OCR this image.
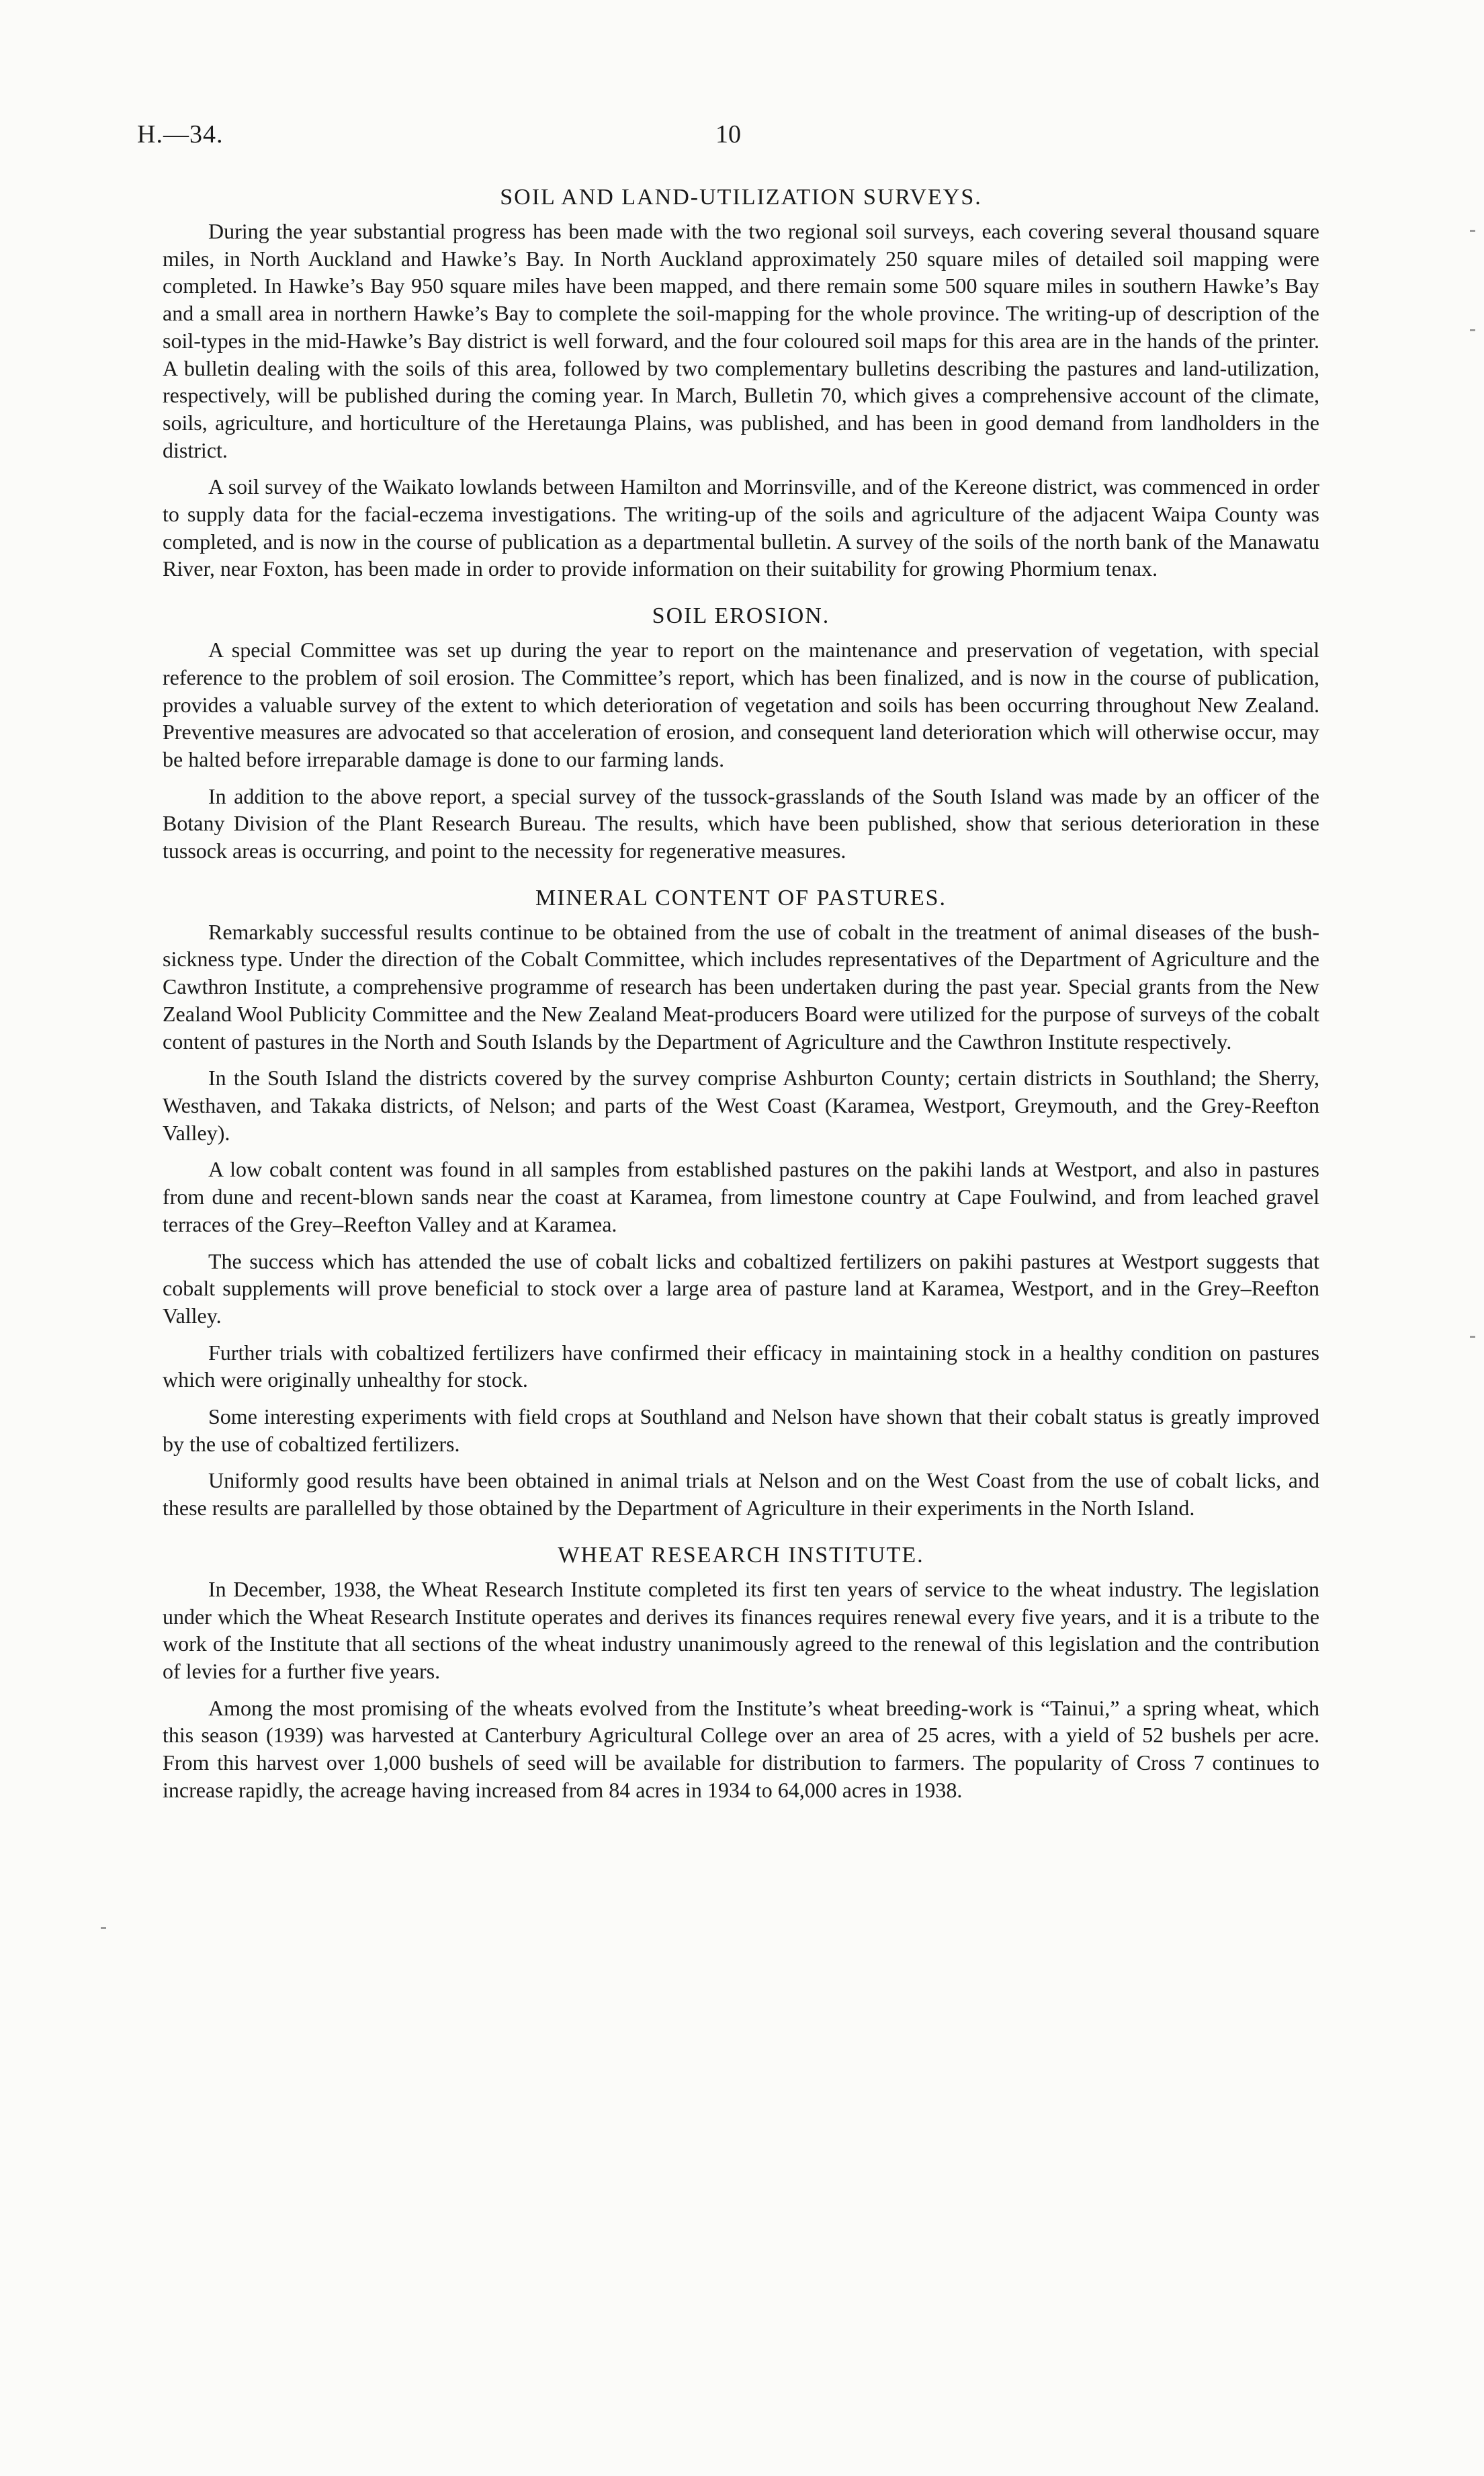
H.—34.	10
SOIL AND LAND-UTILIZATION SURVEYS.

During the year substantial progress has been made with the two regional soil surveys, each covering several thousand square miles, in North Auckland and Hawke’s Bay. In North Auckland approximately 250 square miles of detailed soil mapping were completed. In Hawke’s Bay 950 square miles have been mapped, and there remain some 500 square miles in southern Hawke’s Bay and a small area in northern Hawke’s Bay to complete the soil-mapping for the whole province. The writing-up of description of the soil-types in the mid-Hawke’s Bay district is well forward, and the four coloured soil maps for this area are in the hands of the printer. A bulletin dealing with the soils of this area, followed by two complementary bulletins describing the pastures and land-utilization, respectively, will be published during the coming year. In March, Bulletin 70, which gives a comprehensive account of the climate, soils, agriculture, and horticulture of the Heretaunga Plains, was published, and has been in good demand from landholders in the district.

A soil survey of the Waikato lowlands between Hamilton and Morrinsville, and of the Kereone district, was commenced in order to supply data for the facial-eczema investigations. The writing-up of the soils and agriculture of the adjacent Waipa County was completed, and is now in the course of publication as a departmental bulletin. A survey of the soils of the north bank of the Manawatu River, near Foxton, has been made in order to provide information on their suitability for growing Phormium tenax.

SOIL EROSION.

A special Committee was set up during the year to report on the maintenance and preservation of vegetation, with special reference to the problem of soil erosion. The Committee’s report, which has been finalized, and is now in the course of publication, provides a valuable survey of the extent to which deterioration of vegetation and soils has been occurring throughout New Zealand. Preventive measures are advocated so that acceleration of erosion, and consequent land deterioration which will otherwise occur, may be halted before irreparable damage is done to our farming lands.

In addition to the above report, a special survey of the tussock-grasslands of the South Island was made by an officer of the Botany Division of the Plant Research Bureau. The results, which have been published, show that serious deterioration in these tussock areas is occurring, and point to the necessity for regenerative measures.

MINERAL CONTENT OF PASTURES.

Remarkably successful results continue to be obtained from the use of cobalt in the treatment of animal diseases of the bush-sickness type. Under the direction of the Cobalt Committee, which includes representatives of the Department of Agriculture and the Cawthron Institute, a comprehensive programme of research has been undertaken during the past year. Special grants from the New Zealand Wool Publicity Committee and the New Zealand Meat-producers Board were utilized for the purpose of surveys of the cobalt content of pastures in the North and South Islands by the Department of Agriculture and the Cawthron Institute respectively.

In the South Island the districts covered by the survey comprise Ashburton County; certain districts in Southland; the Sherry, Westhaven, and Takaka districts, of Nelson; and parts of the West Coast (Karamea, Westport, Greymouth, and the Grey-Reefton Valley).

A low cobalt content was found in all samples from established pastures on the pakihi lands at Westport, and also in pastures from dune and recent-blown sands near the coast at Karamea, from limestone country at Cape Foulwind, and from leached gravel terraces of the Grey–Reefton Valley and at Karamea.

The success which has attended the use of cobalt licks and cobaltized fertilizers on pakihi pastures at Westport suggests that cobalt supplements will prove beneficial to stock over a large area of pasture land at Karamea, Westport, and in the Grey–Reefton Valley.

Further trials with cobaltized fertilizers have confirmed their efficacy in maintaining stock in a healthy condition on pastures which were originally unhealthy for stock.

Some interesting experiments with field crops at Southland and Nelson have shown that their cobalt status is greatly improved by the use of cobaltized fertilizers.

Uniformly good results have been obtained in animal trials at Nelson and on the West Coast from the use of cobalt licks, and these results are parallelled by those obtained by the Department of Agriculture in their experiments in the North Island.

WHEAT RESEARCH INSTITUTE.

In December, 1938, the Wheat Research Institute completed its first ten years of service to the wheat industry. The legislation under which the Wheat Research Institute operates and derives its finances requires renewal every five years, and it is a tribute to the work of the Institute that all sections of the wheat industry unanimously agreed to the renewal of this legislation and the contribution of levies for a further five years.

Among the most promising of the wheats evolved from the Institute’s wheat breeding-work is “Tainui,” a spring wheat, which this season (1939) was harvested at Canterbury Agricultural College over an area of 25 acres, with a yield of 52 bushels per acre. From this harvest over 1,000 bushels of seed will be available for distribution to farmers. The popularity of Cross 7 continues to increase rapidly, the acreage having increased from 84 acres in 1934 to 64,000 acres in 1938.
